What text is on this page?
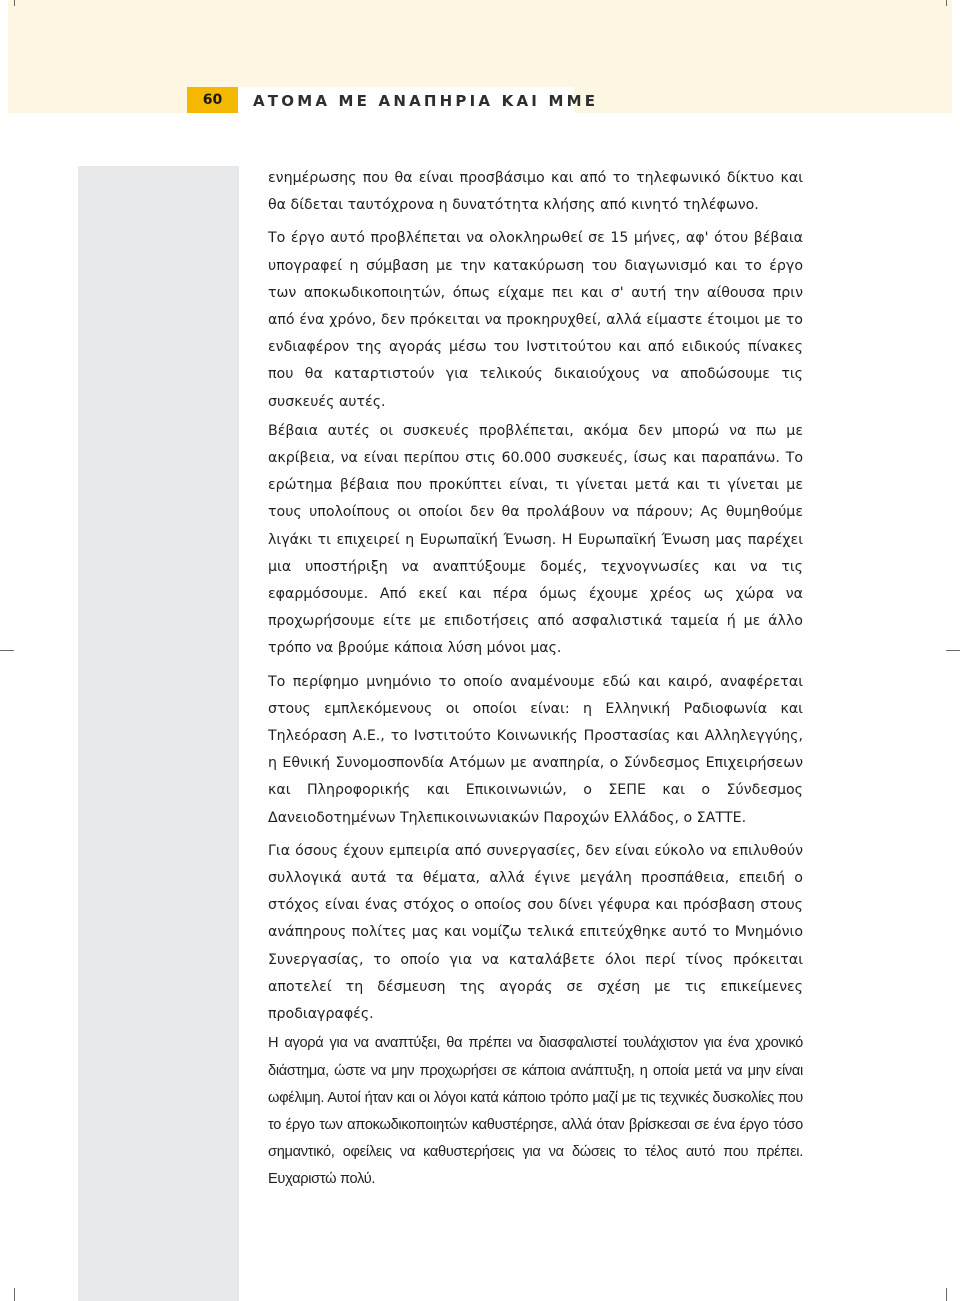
60	ΑΤΟΜΑ ΜΕ ΑΝΑΠΗΡΙΑ ΚΑΙ ΜΜΕ

ενημέρωσης που θα είναι προσβάσιμο και από το τηλεφωνικό δίκτυο και θα δίδεται ταυτόχρονα η δυνατότητα κλήσης από κινητό τηλέφωνο.

Το έργο αυτό προβλέπεται να ολοκληρωθεί σε 15 μήνες, αφ' ότου βέβαια υπογραφεί η σύμβαση με την κατακύρωση του διαγωνισμό και το έργο των αποκωδικοποιητών, όπως είχαμε πει και σ' αυτή την αίθουσα πριν από ένα χρόνο, δεν πρόκειται να προκηρυχθεί, αλλά είμαστε έτοιμοι με το ενδιαφέρον της αγοράς μέσω του Ινστιτούτου και από ειδικούς πίνακες που θα καταρτιστούν για τελικούς δικαιούχους να αποδώσουμε τις συσκευές αυτές.

Βέβαια αυτές οι συσκευές προβλέπεται, ακόμα δεν μπορώ να πω με ακρίβεια, να είναι περίπου στις 60.000 συσκευές, ίσως και παραπάνω. Το ερώτημα βέβαια που προκύπτει είναι, τι γίνεται μετά και τι γίνεται με τους υπολοίπους οι οποίοι δεν θα προλάβουν να πάρουν; Ας θυμηθούμε λιγάκι τι επιχειρεί η Ευρωπαϊκή Ένωση. Η Ευρωπαϊκή Ένωση μας παρέχει μια υποστήριξη να αναπτύξουμε δομές, τεχνογνωσίες και να τις εφαρμόσουμε. Από εκεί και πέρα όμως έχουμε χρέος ως χώρα να προχωρήσουμε είτε με επιδοτήσεις από ασφαλιστικά ταμεία ή με άλλο τρόπο να βρούμε κάποια λύση μόνοι μας.

Το περίφημο μνημόνιο το οποίο αναμένουμε εδώ και καιρό, αναφέρεται στους εμπλεκόμενους οι οποίοι είναι: η Ελληνική Ραδιοφωνία και Τηλεόραση Α.Ε., το Ινστιτούτο Κοινωνικής Προστασίας και Αλληλεγγύης, η Εθνική Συνομοσπονδία Ατόμων με αναπηρία, ο Σύνδεσμος Επιχειρήσεων και Πληροφορικής και Επικοινωνιών, ο ΣΕΠΕ και ο Σύνδεσμος Δανειοδοτημένων Τηλεπικοινωνιακών Παροχών Ελλάδος, ο ΣΑΤΤΕ.

Για όσους έχουν εμπειρία από συνεργασίες, δεν είναι εύκολο να επιλυθούν συλλογικά αυτά τα θέματα, αλλά έγινε μεγάλη προσπάθεια, επειδή ο στόχος είναι ένας στόχος ο οποίος σου δίνει γέφυρα και πρόσβαση στους ανάπηρους πολίτες μας και νομίζω τελικά επιτεύχθηκε αυτό το Μνημόνιο Συνεργασίας, το οποίο για να καταλάβετε όλοι περί τίνος πρόκειται αποτελεί τη δέσμευση της αγοράς σε σχέση με τις επικείμενες προδιαγραφές.

Η αγορά για να αναπτύξει, θα πρέπει να διασφαλιστεί τουλάχιστον για ένα χρονικό διάστημα, ώστε να μην προχωρήσει σε κάποια ανάπτυξη, η οποία μετά να μην είναι ωφέλιμη. Αυτοί ήταν και οι λόγοι κατά κάποιο τρόπο μαζί με τις τεχνικές δυσκολίες που το έργο των αποκωδικοποιητών καθυστέρησε, αλλά όταν βρίσκεσαι σε ένα έργο τόσο σημαντικό, οφείλεις να καθυστερήσεις για να δώσεις το τέλος αυτό που πρέπει. Ευχαριστώ πολύ.
